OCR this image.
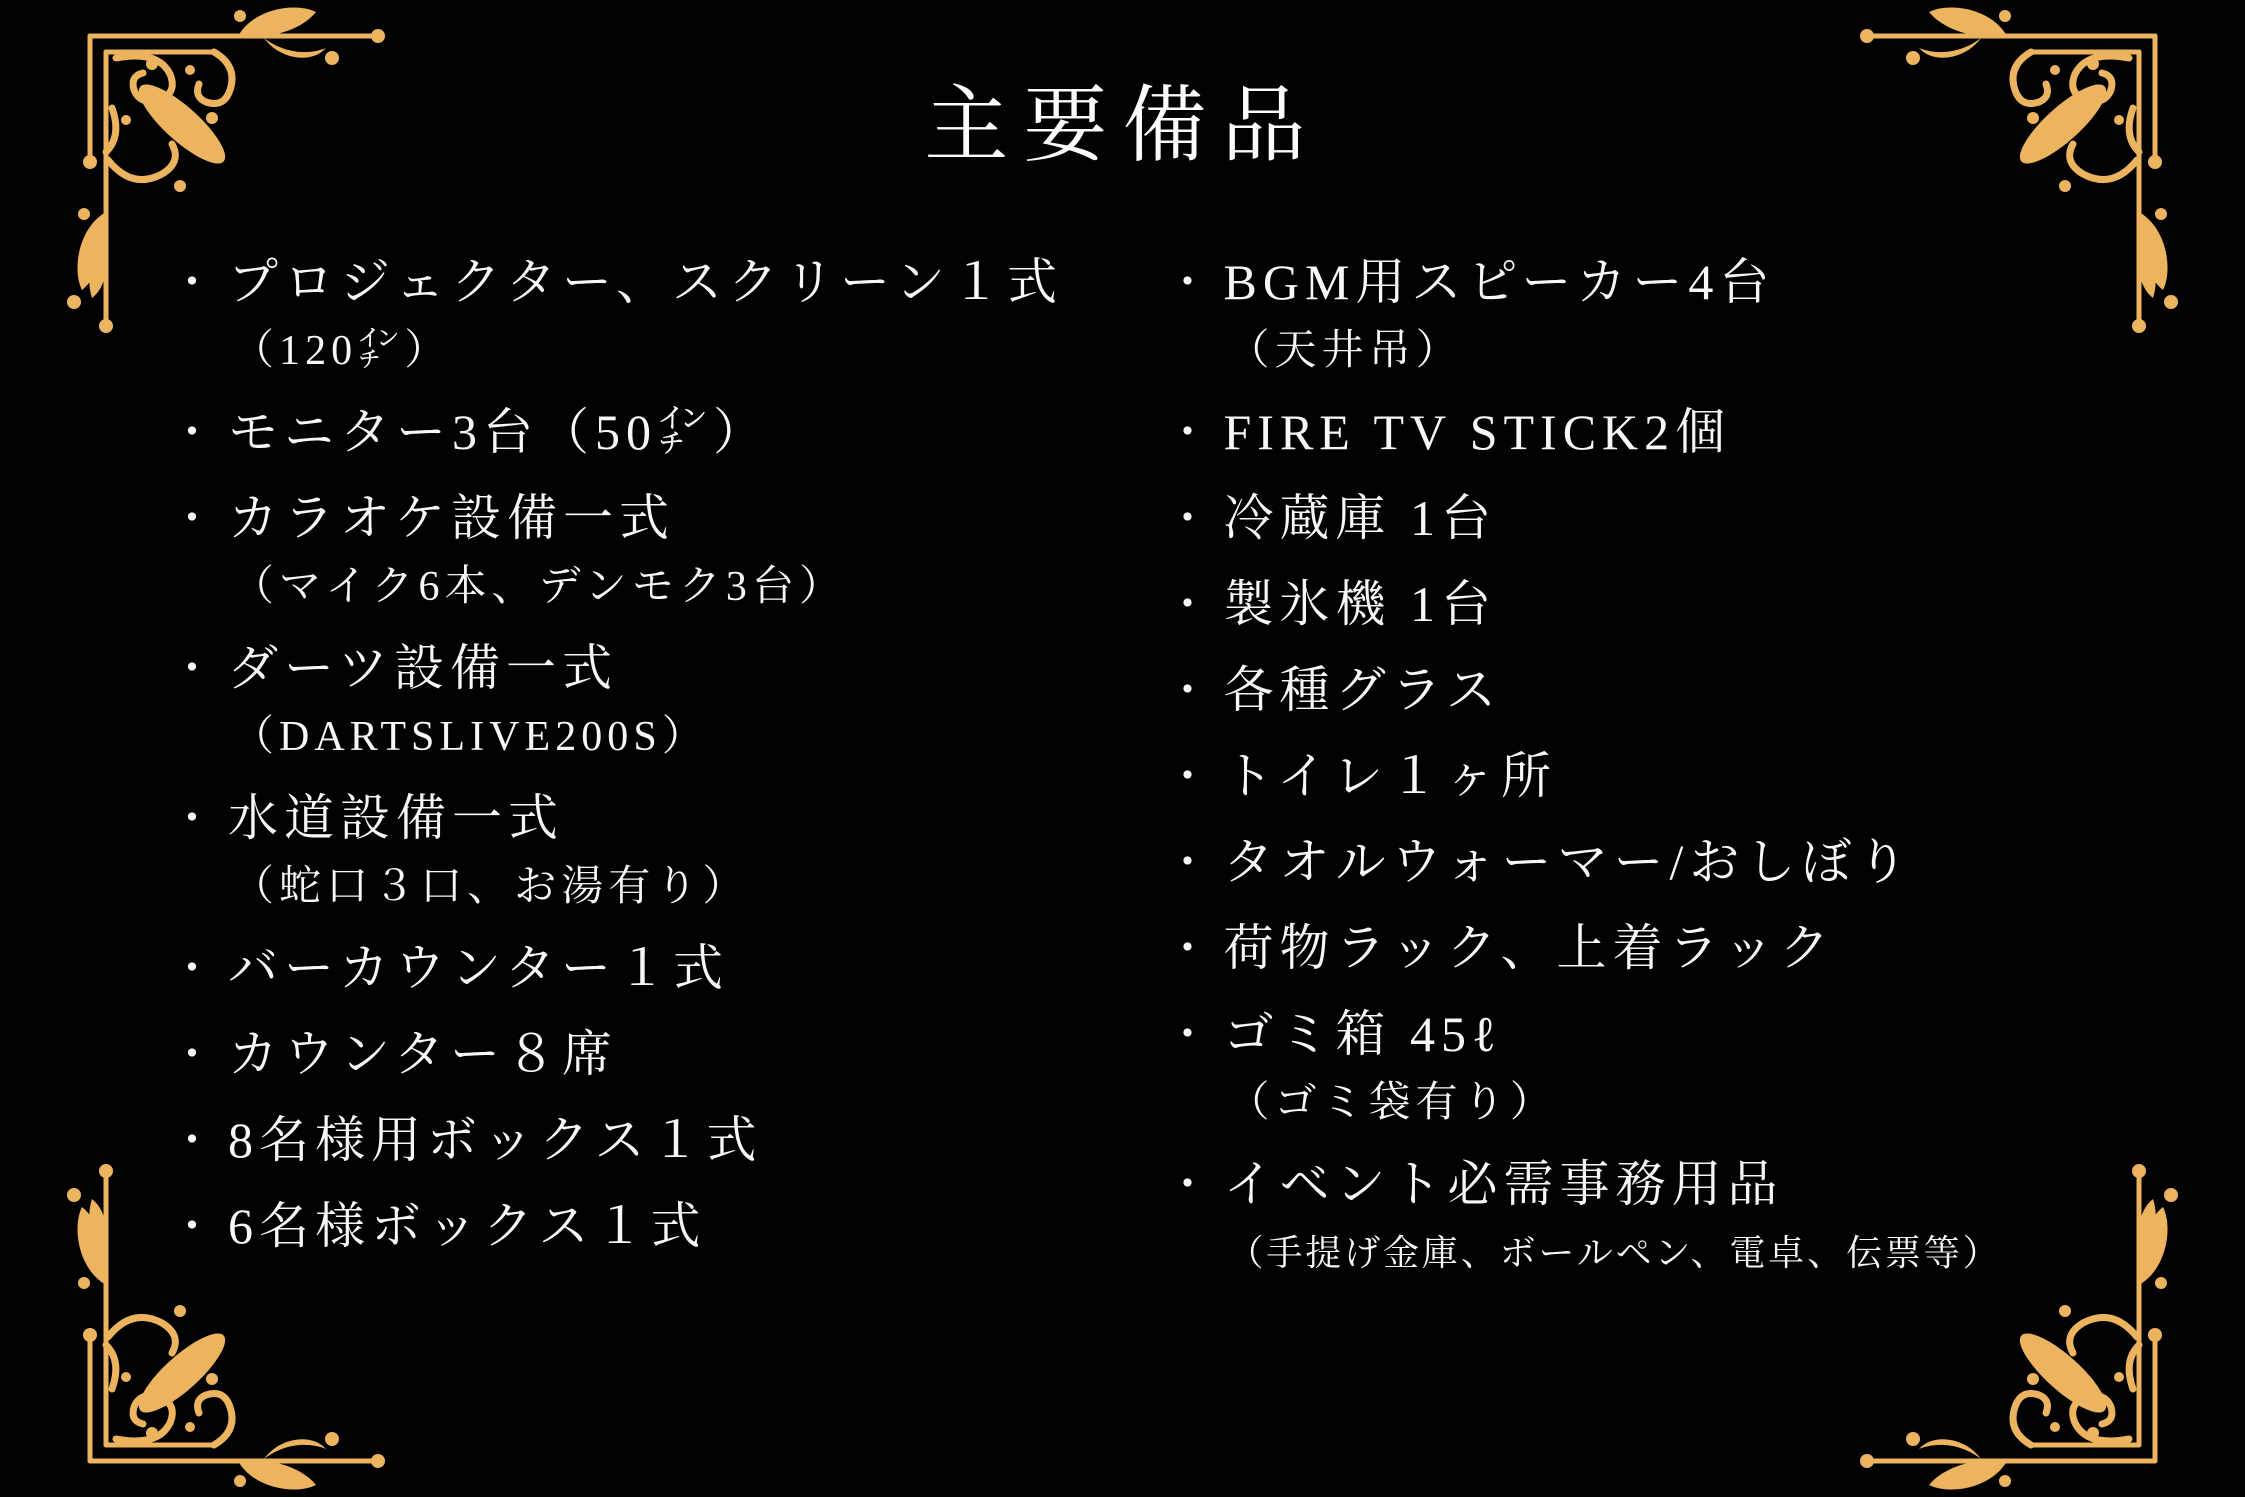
主要備品
・ プロジェクター、スクリーン１式
（120㌅）
・ モニター3台（50㌅）
・ カラオケ設備一式
（マイク6本、デンモク3台）
・ ダーツ設備一式
（DARTSLIVE200S）
・ 水道設備一式
（蛇口３口、お湯有り）
・ バーカウンター１式
・ カウンター８席
・ 8名様用ボックス１式
・ 6名様ボックス１式
・ BGM用スピーカー4台
（天井吊）
・ FIRE TV STICK2個
・ 冷蔵庫 1台
・ 製氷機 1台
・ 各種グラス
・ トイレ１ヶ所
・ タオルウォーマー/おしぼり
・ 荷物ラック、上着ラック
・ ゴミ箱 45ℓ
（ゴミ袋有り）
・ イベント必需事務用品
（手提げ金庫、ボールペン、電卓、伝票等）
